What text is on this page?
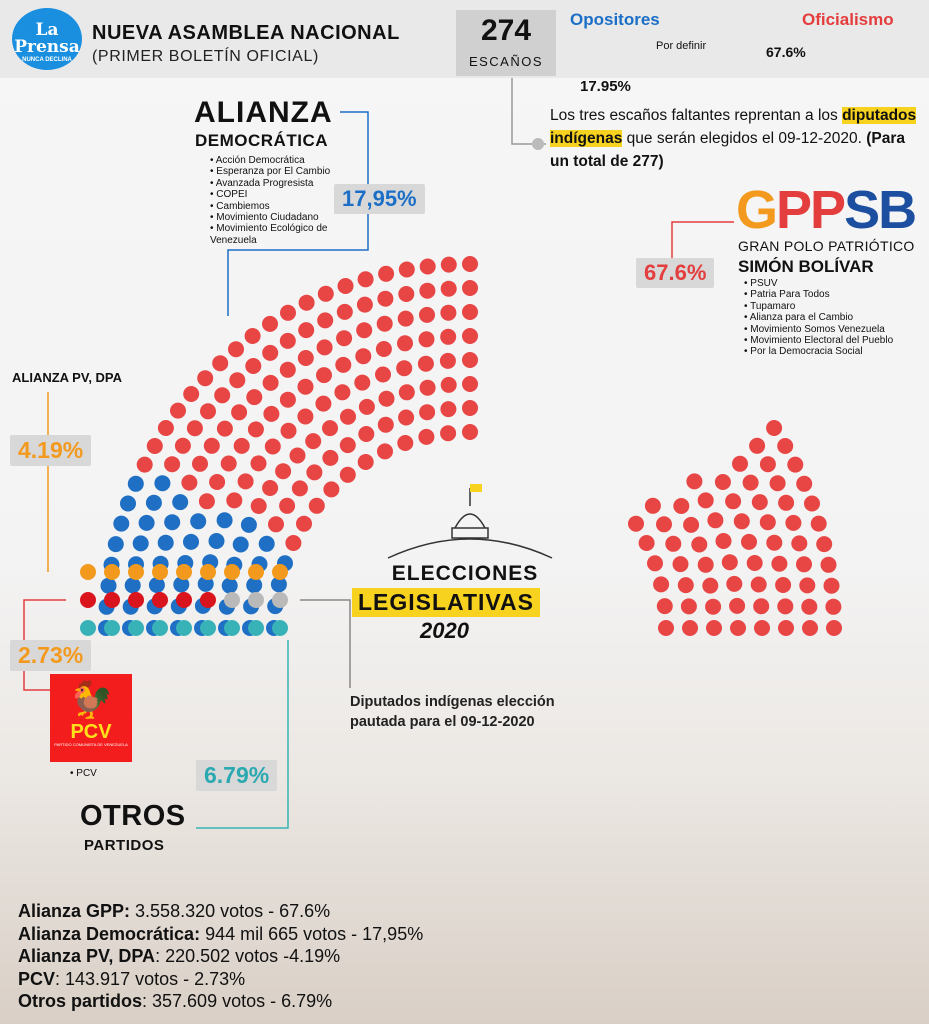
La Prensa
NUNCA DECLINA
NUEVA ASAMBLEA NACIONAL
(PRIMER BOLETÍN OFICIAL)
274
ESCAÑOS
Opositores	Oficialismo
Por definir	67.6%
17.95%
Los tres escaños faltantes reprentan a los diputados indígenas que serán elegidos el 09-12-2020. (Para un total de 277)
ALIANZA
DEMOCRÁTICA
• Acción Democrática
• Esperanza por El Cambio
• Avanzada Progresista
• COPEI
• Cambiemos
• Movimiento Ciudadano
• Movimiento Ecológico de Venezuela
17,95%	GPPSB
GRAN POLO PATRIÓTICO
SIMÓN BOLÍVAR
• PSUV
• Patria Para Todos
• Tupamaro
• Alianza para el Cambio
• Movimiento Somos Venezuela
• Movimiento Electoral del Pueblo
• Por la Democracia Social
67.6%
ALIANZA PV, DPA
4.19%
2.73%
🐓
PCV
PARTIDO COMUNISTA DE VENEZUELA
• PCV	6.79%
OTROS
PARTIDOS
Diputados indígenas elección pautada para el 09-12-2020
ELECCIONES
LEGISLATIVAS
2020
Alianza GPP: 3.558.320 votos - 67.6%
Alianza Democrática: 944 mil 665 votos - 17,95%
Alianza PV, DPA: 220.502 votos -4.19%
PCV: 143.917 votos - 2.73%
Otros partidos: 357.609 votos - 6.79%
